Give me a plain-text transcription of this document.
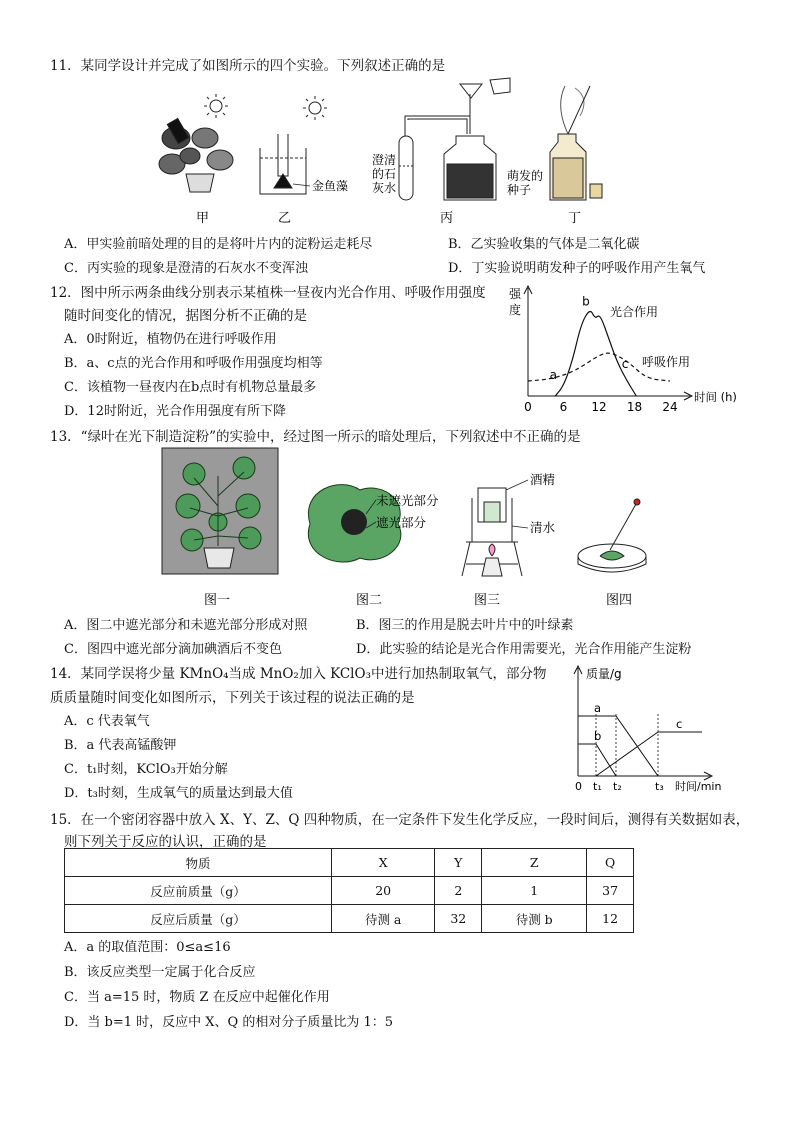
11．某同学设计并完成了如图所示的四个实验。下列叙述正确的是
金鱼藻
澄清的石灰水
萌发的种子
甲	乙	丙	丁
A．甲实验前暗处理的目的是将叶片内的淀粉运走耗尽	B．乙实验收集的气体是二氧化碳
C．丙实验的现象是澄清的石灰水不变浑浊	D．丁实验说明萌发种子的呼吸作用产生氧气
12．图中所示两条曲线分别表示某植株一昼夜内光合作用、呼吸作用强度
随时间变化的情况，据图分析不正确的是
A．0时附近，植物仍在进行呼吸作用
B．a、c点的光合作用和呼吸作用强度均相等
C．该植物一昼夜内在b点时有机物总量最多
D．12时附近，光合作用强度有所下降
强度
时间 (h)
0 6 12 18 24
a
b
c
光合作用
呼吸作用
13．“绿叶在光下制造淀粉”的实验中，经过图一所示的暗处理后，下列叙述中不正确的是
未遮光部分
遮光部分
酒精
清水
图一	图二	图三	图四
A．图二中遮光部分和未遮光部分形成对照	B．图三的作用是脱去叶片中的叶绿素
C．图四中遮光部分滴加碘酒后不变色	D．此实验的结论是光合作用需要光，光合作用能产生淀粉
14．某同学误将少量 KMnO₄当成 MnO₂加入 KClO₃中进行加热制取氧气，部分物
质质量随时间变化如图所示，下列关于该过程的说法正确的是
A．c 代表氧气
B．a 代表高锰酸钾
C．t₁时刻，KClO₃开始分解
D．t₃时刻，生成氧气的质量达到最大值
质量/g
时间/min
0 t₁ t₂	t₃
a
b
c
15．在一个密闭容器中放入 X、Y、Z、Q 四种物质，在一定条件下发生化学反应，一段时间后，测得有关数据如表，
则下列关于反应的认识，正确的是
物质	X	Y	Z	Q
反应前质量（g）	20	2	1	37
反应后质量（g）	待测 a	32	待测 b	12
A．a 的取值范围：0≤a≤16
B．该反应类型一定属于化合反应
C．当 a=15 时，物质 Z 在反应中起催化作用
D．当 b=1 时，反应中 X、Q 的相对分子质量比为 1：5
